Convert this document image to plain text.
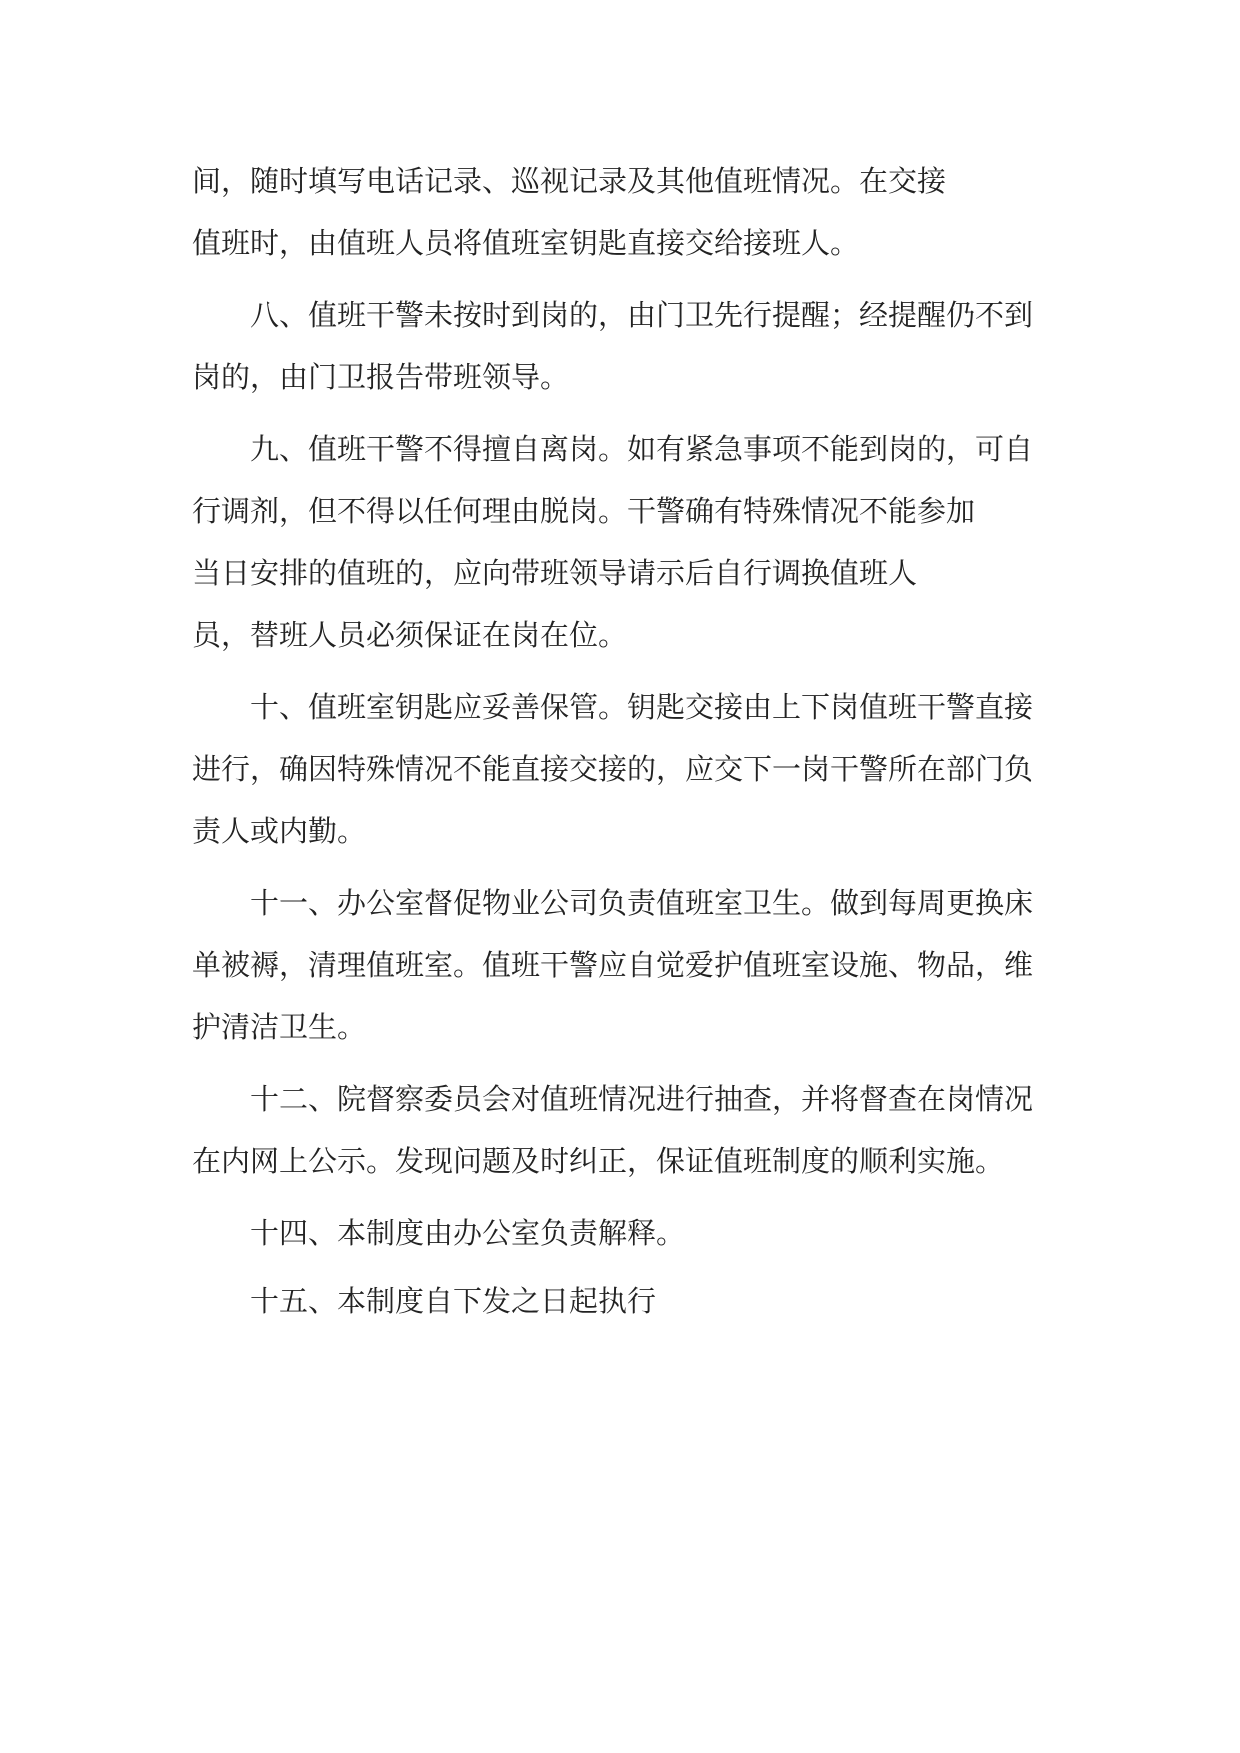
间，随时填写电话记录、巡视记录及其他值班情况。在交接

值班时，由值班人员将值班室钥匙直接交给接班人。

　　八、值班干警未按时到岗的，由门卫先行提醒；经提醒仍不到

岗的，由门卫报告带班领导。

　　九、值班干警不得擅自离岗。如有紧急事项不能到岗的，可自

行调剂，但不得以任何理由脱岗。干警确有特殊情况不能参加

当日安排的值班的，应向带班领导请示后自行调换值班人

员，替班人员必须保证在岗在位。

　　十、值班室钥匙应妥善保管。钥匙交接由上下岗值班干警直接

进行，确因特殊情况不能直接交接的，应交下一岗干警所在部门负

责人或内勤。

　　十一、办公室督促物业公司负责值班室卫生。做到每周更换床

单被褥，清理值班室。值班干警应自觉爱护值班室设施、物品，维

护清洁卫生。

　　十二、院督察委员会对值班情况进行抽查，并将督查在岗情况

在内网上公示。发现问题及时纠正，保证值班制度的顺利实施。

　　十四、本制度由办公室负责解释。

　　十五、本制度自下发之日起执行
